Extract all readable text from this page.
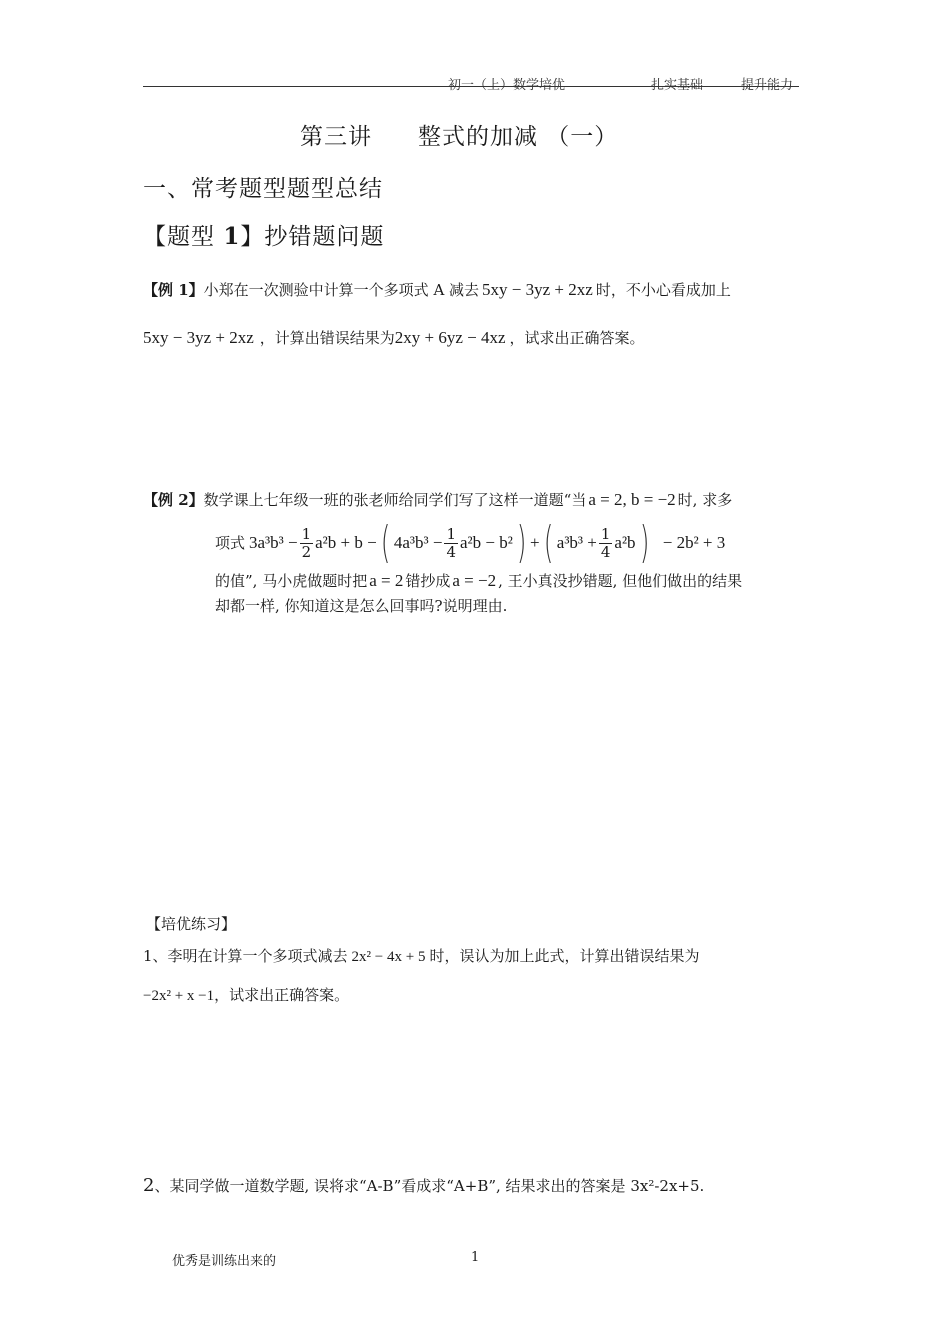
初一（上）数学培优	扎实基础	提升能力
第三讲 整式的加减 （一）
一、常考题型题型总结
【题型 1】抄错题问题
【例 1】小郑在一次测验中计算一个多项式 A 减去 5xy − 3yz + 2xz 时，不小心看成加上
5xy − 3yz + 2xz ，计算出错误结果为2xy + 6yz − 4xz ，试求出正确答案。
【例 2】数学课上七年级一班的张老师给同学们写了这样一道题“当 a = 2, b = −2 时, 求多
项式 $3a^3b^3 - \frac{1}{2} a^2b + b$ − ( $4a^3b^3 - \frac{1}{4} a^2b - b^2$ ) + ( $a^3b^3 + \frac{1}{4} a^2b$ ) − 2b² + 3
的值”, 马小虎做题时把 a = 2 错抄成 a = −2 , 王小真没抄错题, 但他们做出的结果
却都一样, 你知道这是怎么回事吗?说明理由.
【培优练习】
1、李明在计算一个多项式减去 2x² − 4x + 5 时，误认为加上此式，计算出错误结果为
−2x² + x −1，试求出正确答案。
2、某同学做一道数学题, 误将求“A-B”看成求“A+B”, 结果求出的答案是 3x²-2x+5.
优秀是训练出来的	1
